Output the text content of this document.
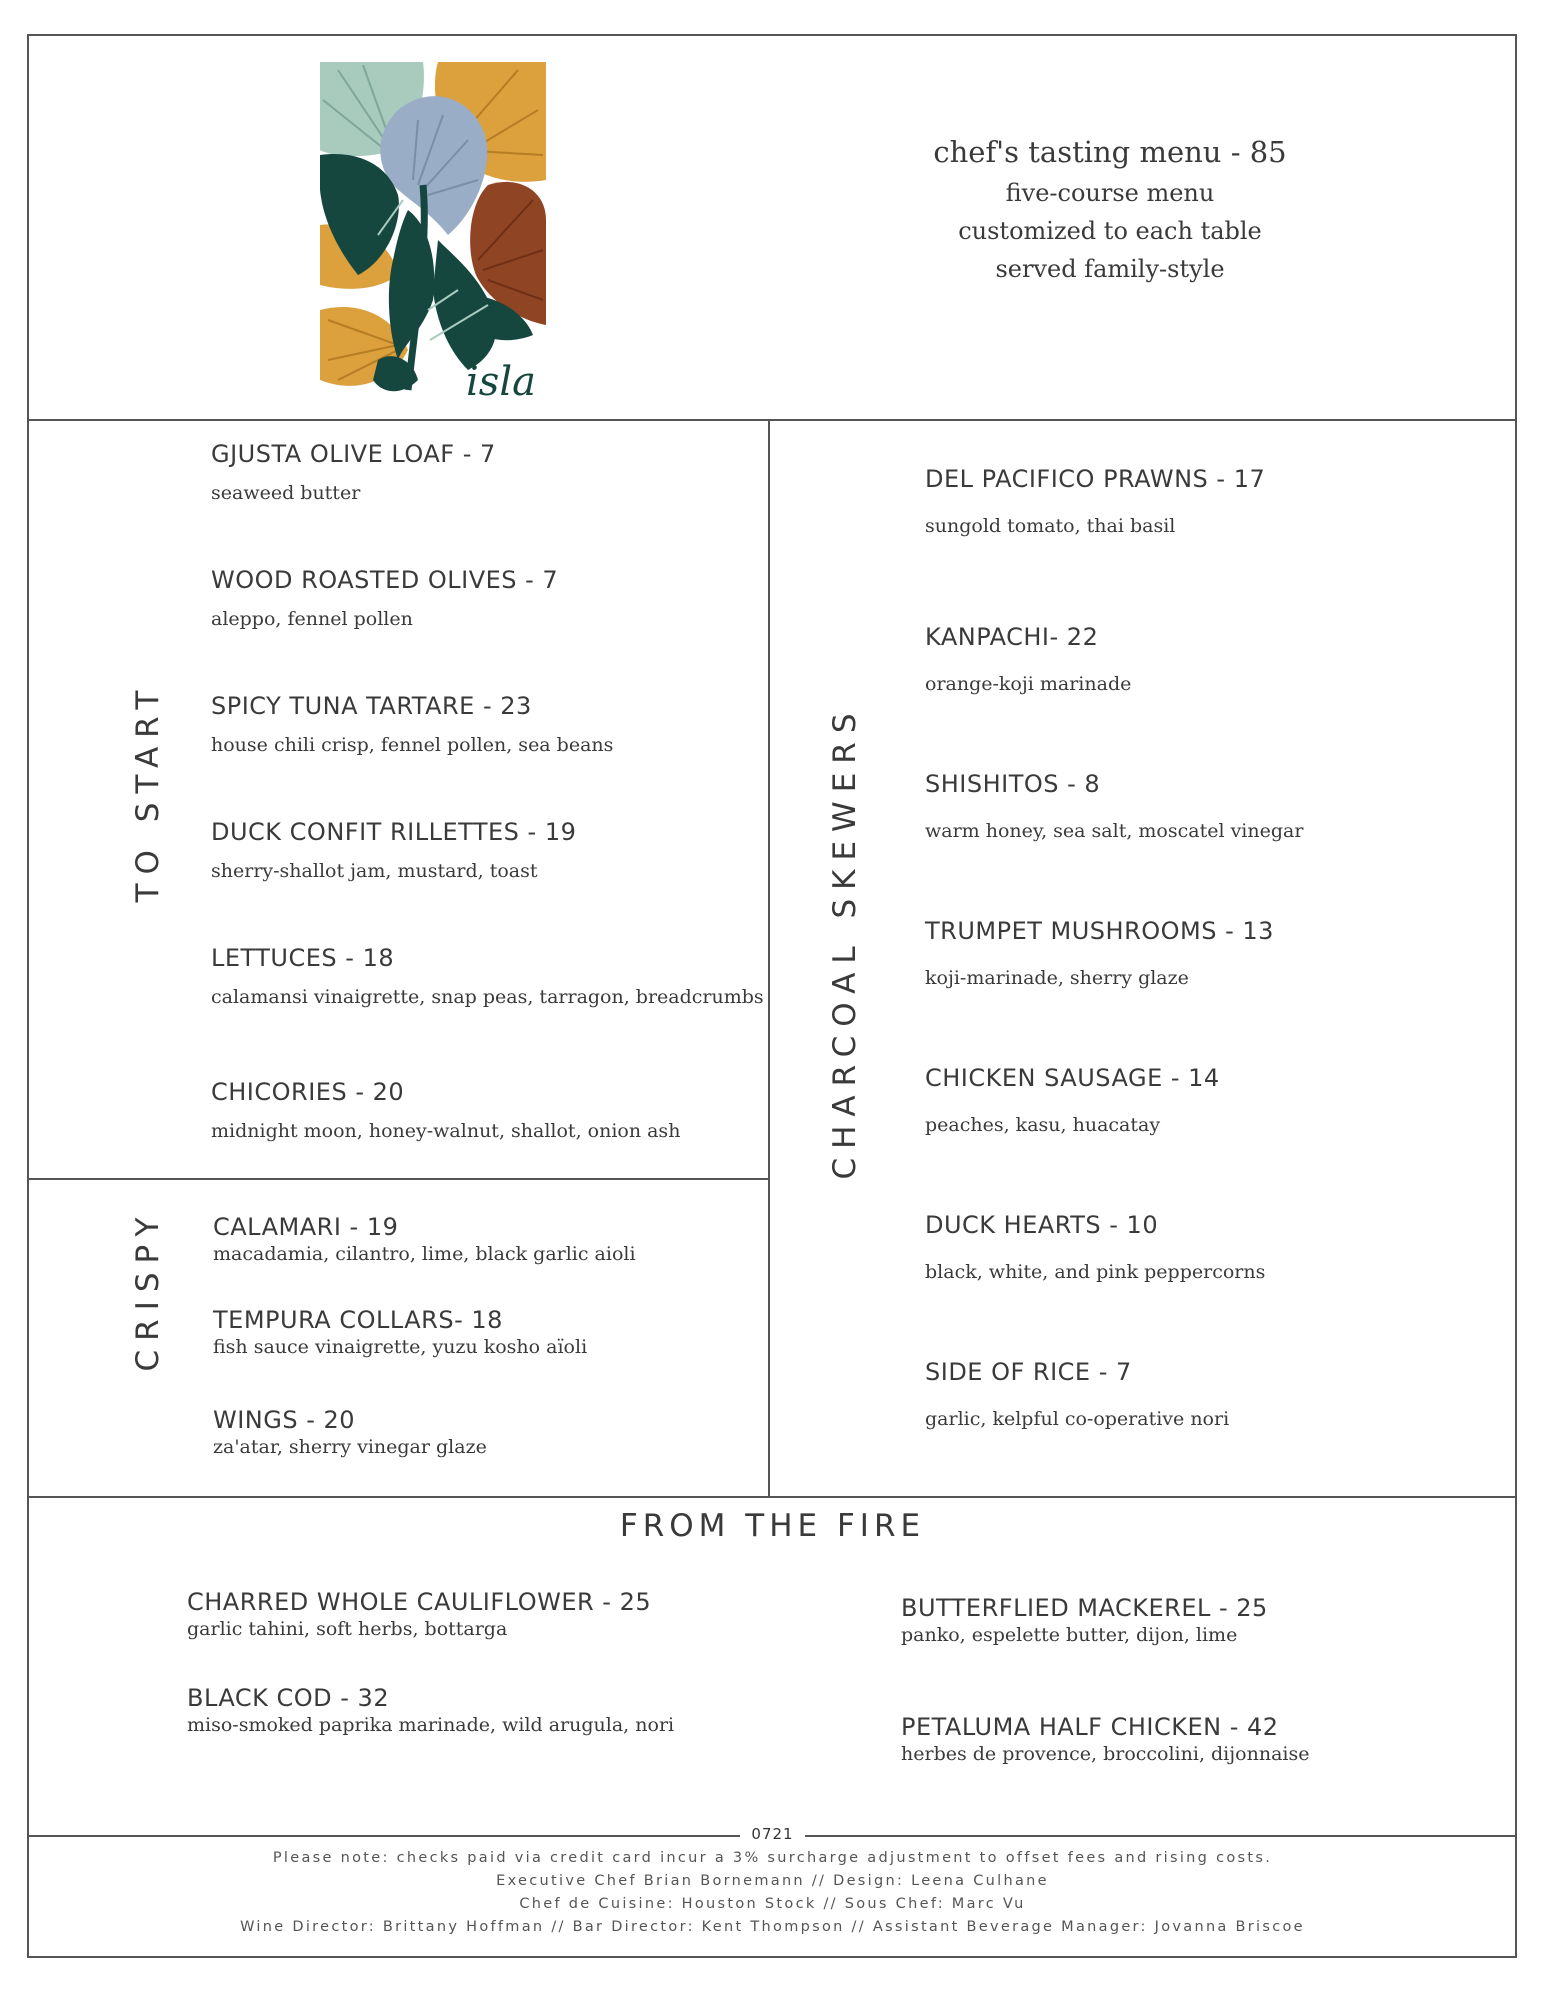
isla
chef's tasting menu - 85
five-course menu
customized to each table
served family-style
TO START
CRISPY
CHARCOAL SKEWERS
GJUSTA OLIVE LOAF - 7
seaweed butter
WOOD ROASTED OLIVES - 7
aleppo, fennel pollen
SPICY TUNA TARTARE - 23
house chili crisp, fennel pollen, sea beans
DUCK CONFIT RILLETTES - 19
sherry-shallot jam, mustard, toast
LETTUCES - 18
calamansi vinaigrette, snap peas, tarragon, breadcrumbs
CHICORIES - 20
midnight moon, honey-walnut, shallot, onion ash
CALAMARI - 19
macadamia, cilantro, lime, black garlic aioli
TEMPURA COLLARS- 18
fish sauce vinaigrette, yuzu kosho aïoli
WINGS - 20
za'atar, sherry vinegar glaze
DEL PACIFICO PRAWNS - 17
sungold tomato, thai basil
KANPACHI- 22
orange-koji marinade
SHISHITOS - 8
warm honey, sea salt, moscatel vinegar
TRUMPET MUSHROOMS - 13
koji-marinade, sherry glaze
CHICKEN SAUSAGE - 14
peaches, kasu, huacatay
DUCK HEARTS - 10
black, white, and pink peppercorns
SIDE OF RICE - 7
garlic, kelpful co-operative nori
FROM THE FIRE
CHARRED WHOLE CAULIFLOWER - 25
garlic tahini, soft herbs, bottarga
BLACK COD - 32
miso-smoked paprika marinade, wild arugula, nori
BUTTERFLIED MACKEREL - 25
panko, espelette butter, dijon, lime
PETALUMA HALF CHICKEN - 42
herbes de provence, broccolini, dijonnaise
0721
Please note: checks paid via credit card incur a 3% surcharge adjustment to offset fees and rising costs.
Executive Chef Brian Bornemann // Design: Leena Culhane
Chef de Cuisine: Houston Stock // Sous Chef: Marc Vu
Wine Director: Brittany Hoffman // Bar Director: Kent Thompson // Assistant Beverage Manager: Jovanna Briscoe
